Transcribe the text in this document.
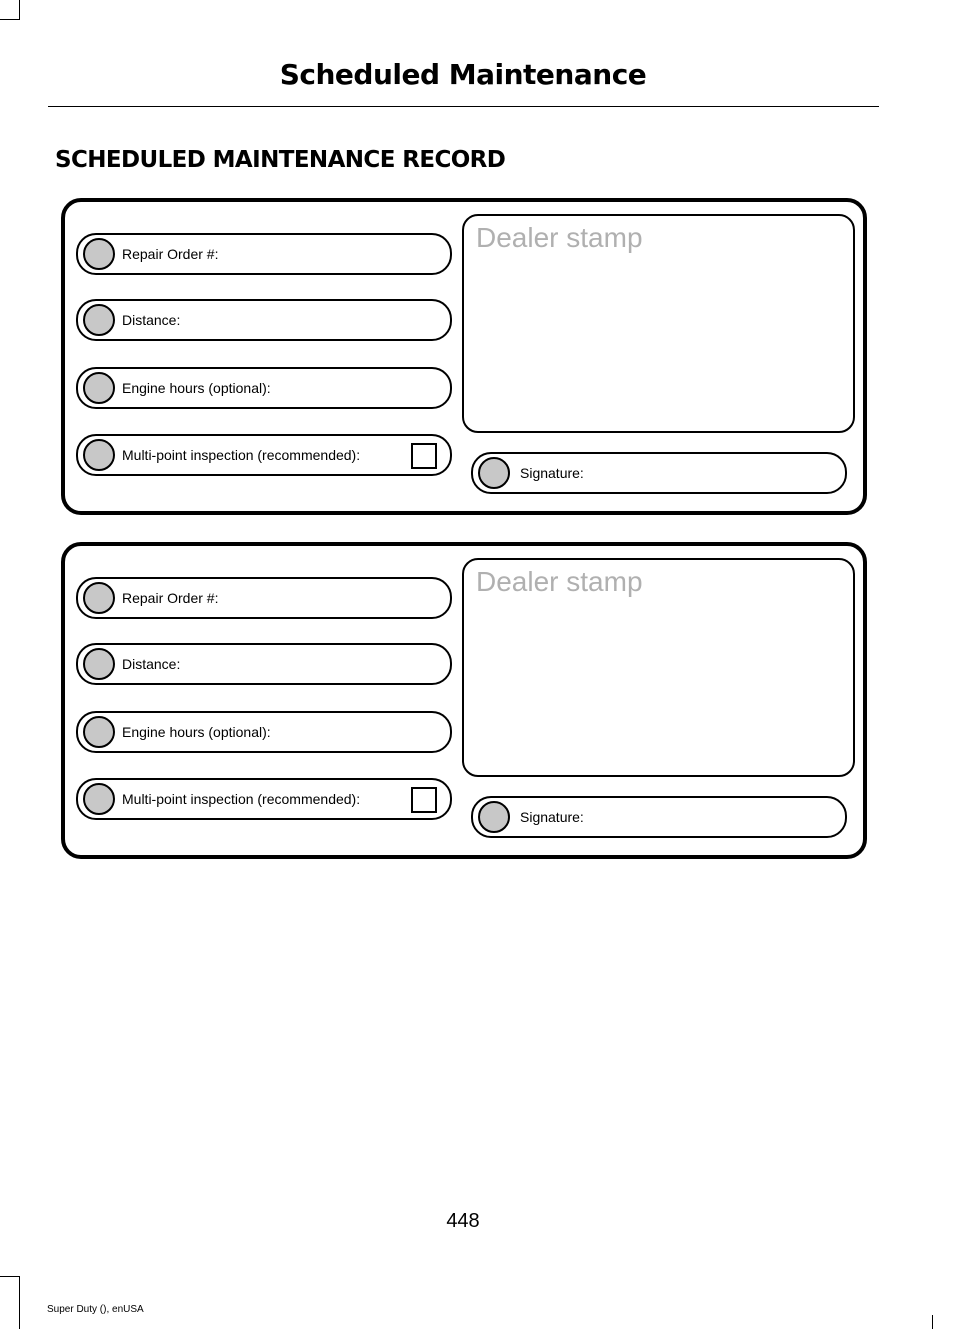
Scheduled Maintenance
SCHEDULED MAINTENANCE RECORD
Repair Order #:
Distance:
Engine hours (optional):
Multi-point inspection (recommended):
Dealer stamp
Signature:
Repair Order #:
Distance:
Engine hours (optional):
Multi-point inspection (recommended):
Dealer stamp
Signature:
448
Super Duty (), enUSA
